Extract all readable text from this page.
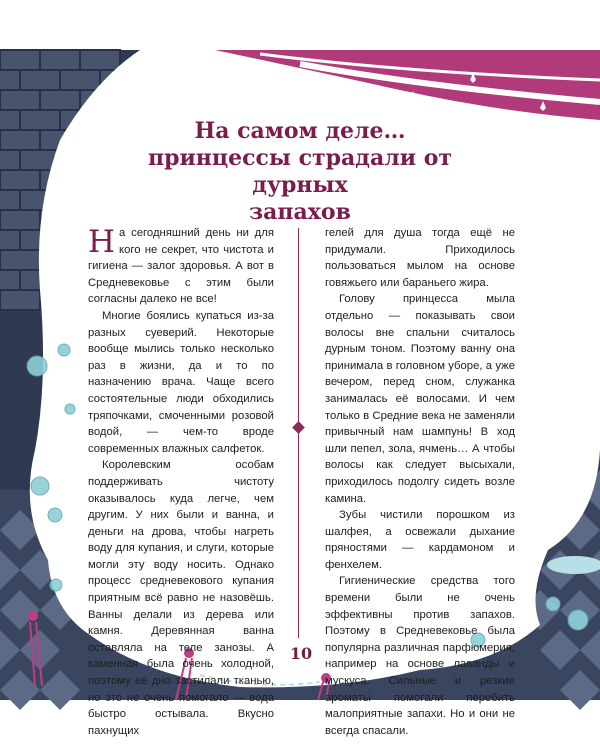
На самом деле…
принцессы страдали от дурных
запахов

На сегодняшний день ни для кого не секрет, что чистота и гигиена — залог здоровья. А вот в Средневековье с этим были согласны далеко не все!

Многие боялись купаться из-за разных суеверий. Некоторые вообще мылись только несколько раз в жизни, да и то по назначению врача. Чаще всего состоятельные люди обходились тряпочками, смоченными розовой водой, — чем-то вроде современных влажных салфеток.

Королевским особам поддерживать чистоту оказывалось куда легче, чем другим. У них были и ванна, и деньги на дрова, чтобы нагреть воду для купания, и слуги, которые могли эту воду носить. Однако процесс средневекового купания приятным всё равно не назовёшь. Ванны делали из дерева или камня. Деревянная ванна оставляла на теле занозы. А каменная была очень холодной, поэтому её дно застилали тканью, но это не очень помогало — вода быстро остывала. Вкусно пахнущих

гелей для душа тогда ещё не придумали. Приходилось пользоваться мылом на основе говяжьего или бараньего жира.

Голову принцесса мыла отдельно — показывать свои волосы вне спальни считалось дурным тоном. Поэтому ванну она принимала в головном уборе, а уже вечером, перед сном, служанка занималась её волосами. И чем только в Средние века не заменяли привычный нам шампунь! В ход шли пепел, зола, ячмень… А чтобы волосы как следует высыхали, приходилось подолгу сидеть возле камина.

Зубы чистили порошком из шалфея, а освежали дыхание пряностями — кардамоном и фенхелем.

Гигиенические средства того времени были не очень эффективны против запахов. Поэтому в Средневековье была популярна различная парфюмерия, например на основе лаванды и мускуса. Сильные и резкие ароматы помогали перебить малоприятные запахи. Но и они не всегда спасали.

10
